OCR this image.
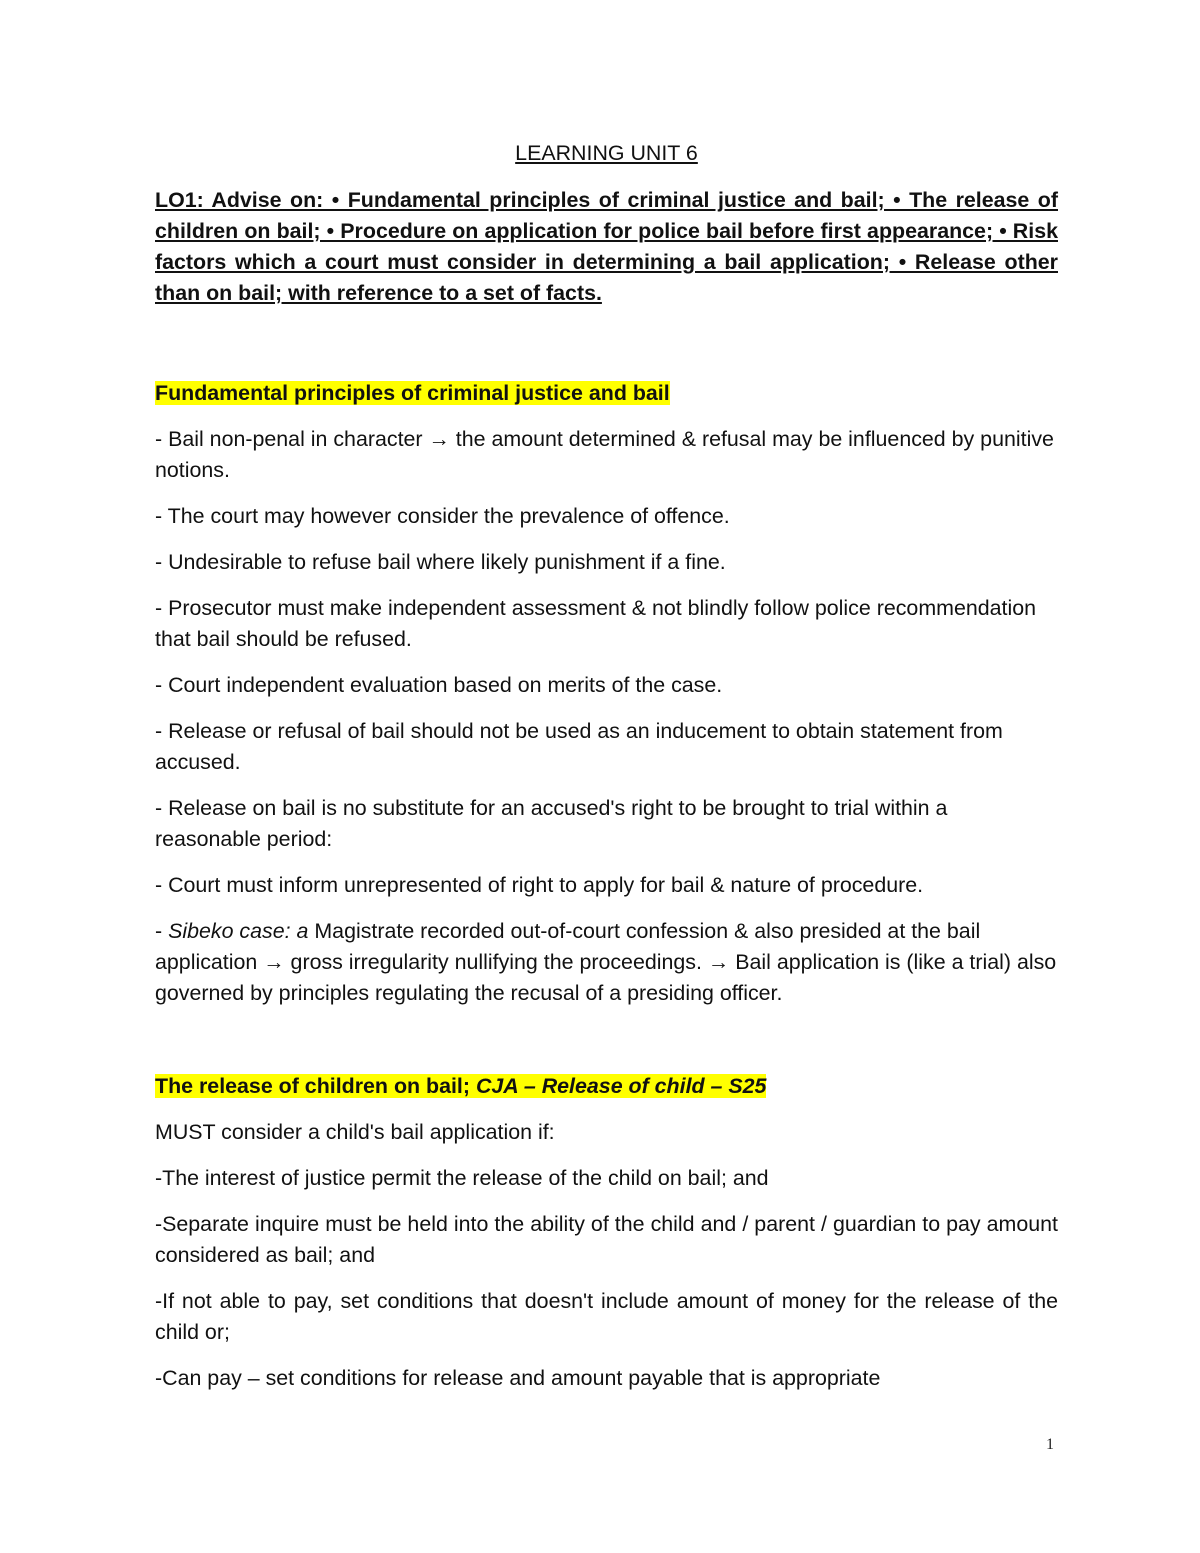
LEARNING UNIT 6

LO1: Advise on: • Fundamental principles of criminal justice and bail; • The release of children on bail; • Procedure on application for police bail before first appearance; • Risk factors which a court must consider in determining a bail application; • Release other than on bail; with reference to a set of facts.

Fundamental principles of criminal justice and bail

- Bail non-penal in character → the amount determined & refusal may be influenced by punitive notions.

- The court may however consider the prevalence of offence.

- Undesirable to refuse bail where likely punishment if a fine.

- Prosecutor must make independent assessment & not blindly follow police recommendation that bail should be refused.

- Court independent evaluation based on merits of the case.

- Release or refusal of bail should not be used as an inducement to obtain statement from accused.

- Release on bail is no substitute for an accused's right to be brought to trial within a reasonable period:

- Court must inform unrepresented of right to apply for bail & nature of procedure.

- Sibeko case: a Magistrate recorded out-of-court confession & also presided at the bail application → gross irregularity nullifying the proceedings. → Bail application is (like a trial) also governed by principles regulating the recusal of a presiding officer.

The release of children on bail; CJA – Release of child – S25

MUST consider a child's bail application if:

-The interest of justice permit the release of the child on bail; and

-Separate inquire must be held into the ability of the child and / parent / guardian to pay amount considered as bail; and

-If not able to pay, set conditions that doesn't include amount of money for the release of the child or;

-Can pay – set conditions for release and amount payable that is appropriate

1
